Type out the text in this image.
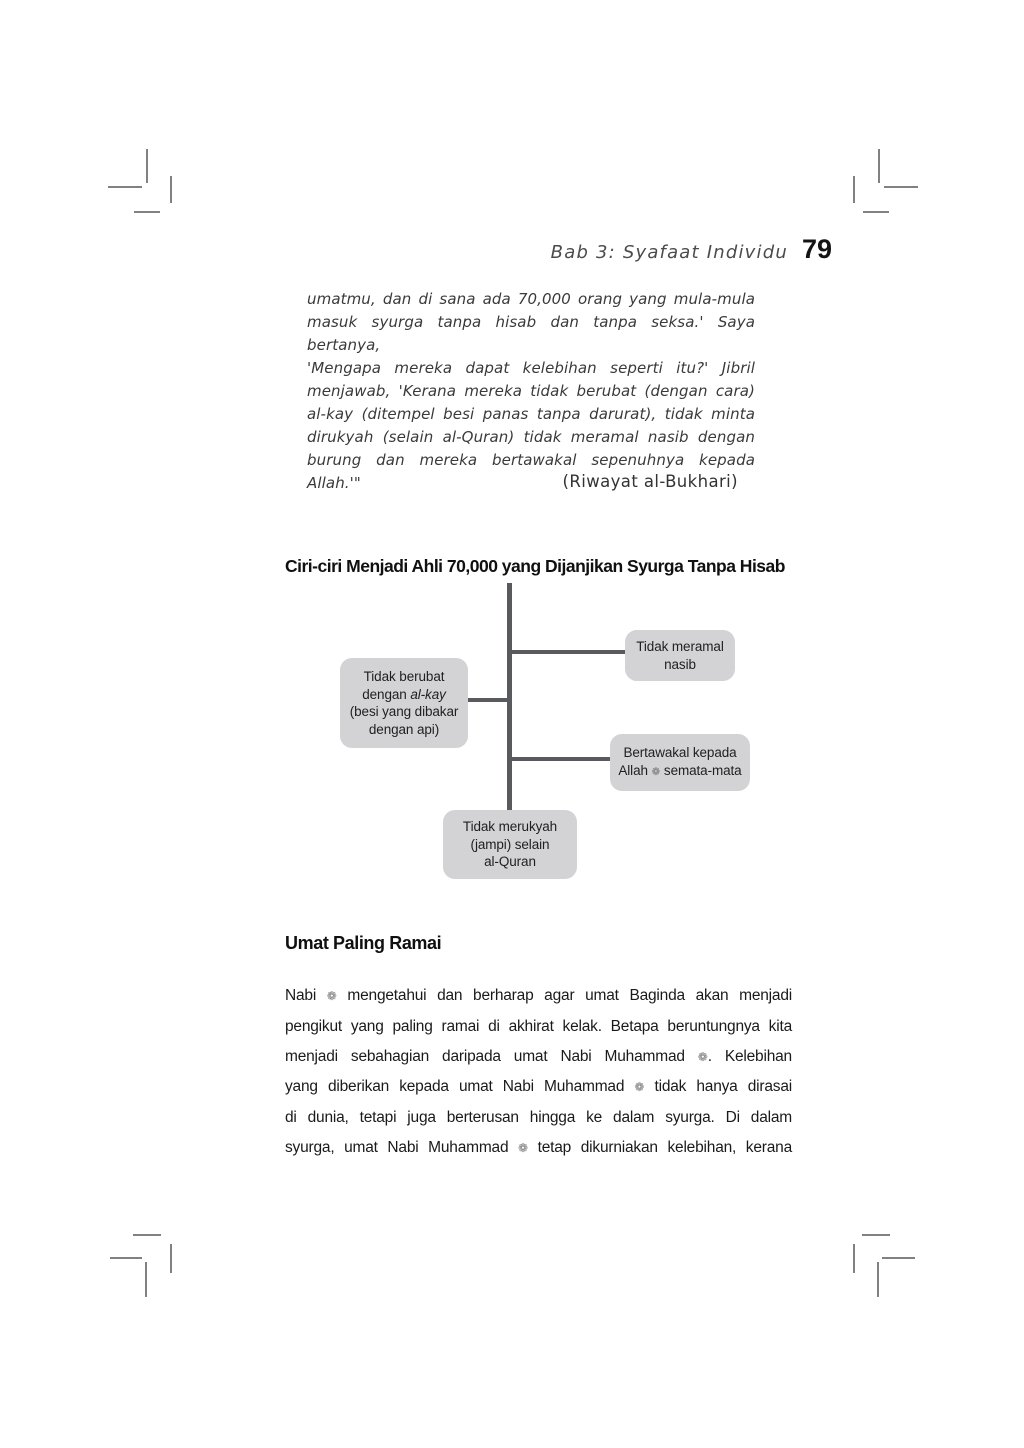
Bab 3: Syafaat Individu 79
umatmu, dan di sana ada 70,000 orang yang mula-mula
masuk syurga tanpa hisab dan tanpa seksa.' Saya bertanya,
'Mengapa mereka dapat kelebihan seperti itu?' Jibril
menjawab, 'Kerana mereka tidak berubat (dengan cara)
al-kay (ditempel besi panas tanpa darurat), tidak minta
dirukyah (selain al-Quran) tidak meramal nasib dengan
burung dan mereka bertawakal sepenuhnya kepada Allah.'"	(Riwayat al-Bukhari)
Ciri-ciri Menjadi Ahli 70,000 yang Dijanjikan Syurga Tanpa Hisab
Tidak meramal
nasib
Tidak berubat
dengan al-kay
(besi yang dibakar
dengan api)
Bertawakal kepada
Allah ❁ semata-mata
Tidak merukyah
(jampi) selain
al-Quran
Umat Paling Ramai
Nabi ❁ mengetahui dan berharap agar umat Baginda akan menjadi
pengikut yang paling ramai di akhirat kelak. Betapa beruntungnya kita
menjadi sebahagian daripada umat Nabi Muhammad ❁. Kelebihan
yang diberikan kepada umat Nabi Muhammad ❁ tidak hanya dirasai
di dunia, tetapi juga berterusan hingga ke dalam syurga. Di dalam
syurga, umat Nabi Muhammad ❁ tetap dikurniakan kelebihan, kerana
